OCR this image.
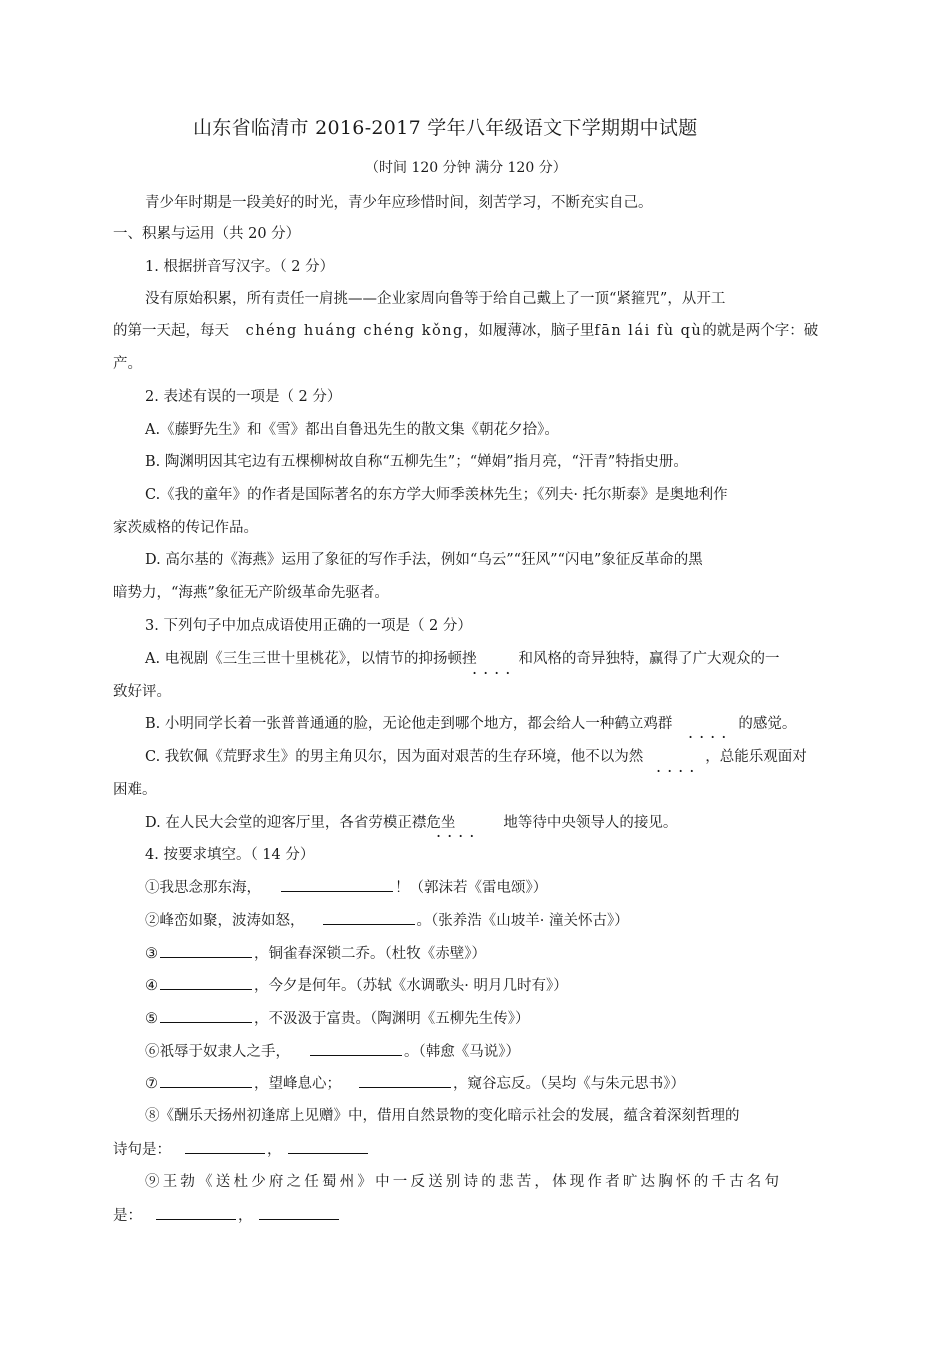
山东省临清市 2016-2017 学年八年级语文下学期期中试题
（时间 120 分钟 满分 120 分）
青少年时期是一段美好的时光，青少年应珍惜时间，刻苦学习，不断充实自己。
一、积累与运用（共 20 分）
1. 根据拼音写汉字。（ 2 分）
没有原始积累，所有责任一肩挑——企业家周向鲁等于给自己戴上了一顶“紧箍咒”，从开工
的第一天起，每天 chéng huáng chéng kǒng，如履薄冰，脑子里fān lái fù qù的就是两个字：破
产。
2. 表述有误的一项是（ 2 分）
A.《藤野先生》和《雪》都出自鲁迅先生的散文集《朝花夕拾》。
B. 陶渊明因其宅边有五棵柳树故自称“五柳先生”；“婵娟”指月亮，“汗青”特指史册。
C.《我的童年》的作者是国际著名的东方学大师季羡林先生；《列夫· 托尔斯泰》是奥地利作
家茨威格的传记作品。
D. 高尔基的《海燕》运用了象征的写作手法，例如“乌云”“狂风”“闪电”象征反革命的黑
暗势力，“海燕”象征无产阶级革命先驱者。
3. 下列句子中加点成语使用正确的一项是（ 2 分）
A. 电视剧《三生三世十里桃花》，以情节的抑扬顿挫	和风格的奇异独特，赢得了广大观众的一
....
致好评。
B. 小明同学长着一张普普通通的脸，无论他走到哪个地方，都会给人一种鹤立鸡群	的感觉。
....
C. 我钦佩《荒野求生》的男主角贝尔，因为面对艰苦的生存环境，他不以为然	，总能乐观面对
....
困难。
D. 在人民大会堂的迎客厅里，各省劳模正襟危坐	地等待中央领导人的接见。
....
4. 按要求填空。（ 14 分）
①我思念那东海，	！（郭沫若《雷电颂》）
②峰峦如聚，波涛如怒，	。（张养浩《山坡羊· 潼关怀古》）
③	，铜雀春深锁二乔。（杜牧《赤壁》）
④	，今夕是何年。（苏轼《水调歌头· 明月几时有》）
⑤	，不汲汲于富贵。（陶渊明《五柳先生传》）
⑥祇辱于奴隶人之手，	。（韩愈《马说》）
⑦	，望峰息心；	，窥谷忘反。（吴均《与朱元思书》）
⑧《酬乐天扬州初逢席上见赠》中，借用自然景物的变化暗示社会的发展，蕴含着深刻哲理的
诗句是：	，
⑨王勃《送杜少府之任蜀州》中一反送别诗的悲苦，体现作者旷达胸怀的千古名句
是：	，
